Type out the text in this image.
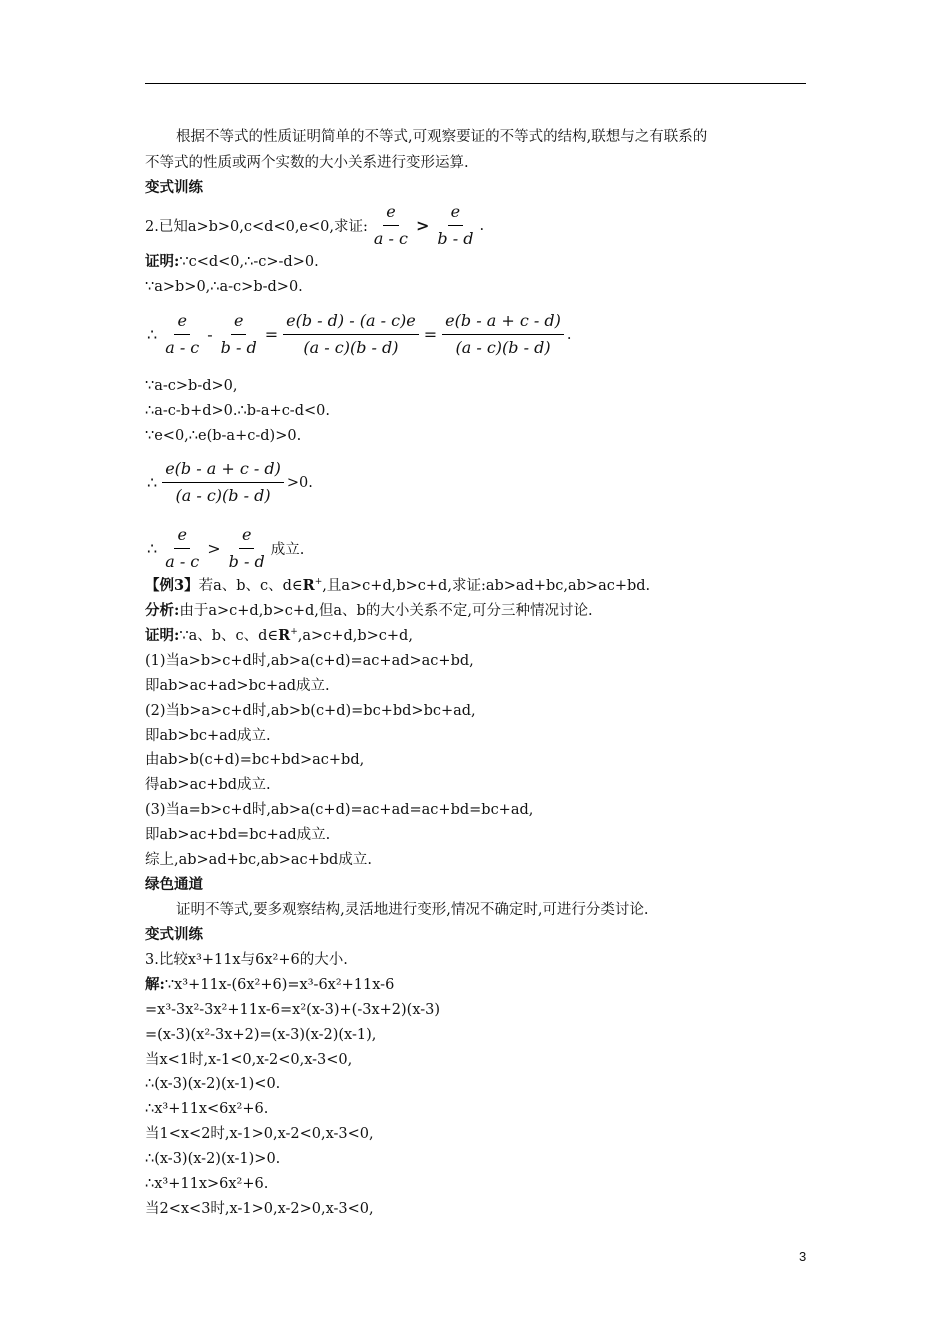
根据不等式的性质证明简单的不等式,可观察要证的不等式的结构,联想与之有联系的
不等式的性质或两个实数的大小关系进行变形运算.
变式训练
2.已知a>b>0,c<d<0,e<0,求证: $\frac{e}{a - c} > \frac{e}{b - d}$ .
证明:∵c<d<0,∴-c>-d>0.
∵a>b>0,∴a-c>b-d>0.
∴ $\frac{e}{a - c} - \frac{e}{b - d} = \frac{e(b - d) - (a - c)e}{(a - c)(b - d)} = \frac{e(b - a + c - d)}{(a - c)(b - d)}$ .
∵a-c>b-d>0,
∴a-c-b+d>0.∴b-a+c-d<0.
∵e<0,∴e(b-a+c-d)>0.
∴ $\frac{e(b - a + c - d)}{(a - c)(b - d)} >0$.
∴ $\frac{e}{a - c} > \frac{e}{b - d}$ 成立.
【例3】若a、b、c、d∈R+,且a>c+d,b>c+d,求证:ab>ad+bc,ab>ac+bd.
分析:由于a>c+d,b>c+d,但a、b的大小关系不定,可分三种情况讨论.
证明:∵a、b、c、d∈R+,a>c+d,b>c+d,
(1)当a>b>c+d时,ab>a(c+d)=ac+ad>ac+bd,
即ab>ac+ad>bc+ad成立.
(2)当b>a>c+d时,ab>b(c+d)=bc+bd>bc+ad,
即ab>bc+ad成立.
由ab>b(c+d)=bc+bd>ac+bd,
得ab>ac+bd成立.
(3)当a=b>c+d时,ab>a(c+d)=ac+ad=ac+bd=bc+ad,
即ab>ac+bd=bc+ad成立.
综上,ab>ad+bc,ab>ac+bd成立.
绿色通道
证明不等式,要多观察结构,灵活地进行变形,情况不确定时,可进行分类讨论.
变式训练
3.比较x³+11x与6x²+6的大小.
解:∵x³+11x-(6x²+6)=x³-6x²+11x-6
=x³-3x²-3x²+11x-6=x²(x-3)+(-3x+2)(x-3)
=(x-3)(x²-3x+2)=(x-3)(x-2)(x-1),
当x<1时,x-1<0,x-2<0,x-3<0,
∴(x-3)(x-2)(x-1)<0.
∴x³+11x<6x²+6.
当1<x<2时,x-1>0,x-2<0,x-3<0,
∴(x-3)(x-2)(x-1)>0.
∴x³+11x>6x²+6.
当2<x<3时,x-1>0,x-2>0,x-3<0,
3
